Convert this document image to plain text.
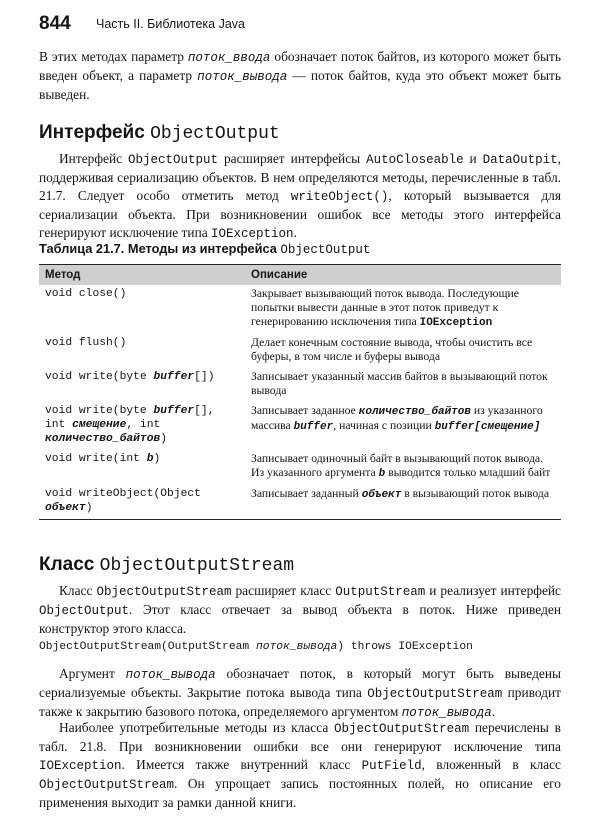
844 Часть II. Библиотека Java

В этих методах параметр поток_ввода обозначает поток байтов, из которого может быть введен объект, а параметр поток_вывода — поток байтов, куда это объект может быть выведен.

Интерфейс ObjectOutput

Интерфейс ObjectOutput расширяет интерфейсы AutoCloseable и DataOutpit, поддерживая сериализацию объектов. В нем определяются методы, перечисленные в табл. 21.7. Следует особо отметить метод writeObject(), который вызывается для сериализации объекта. При возникновении ошибок все методы этого интерфейса генерируют исключение типа IOException.

Таблица 21.7. Методы из интерфейса ObjectOutput

Метод	Описание
void close()	Закрывает вызывающий поток вывода. Последующие попытки вывести данные в этот поток приведут к генерированию исключения типа IOException
void flush()	Делает конечным состояние вывода, чтобы очистить все буферы, в том числе и буферы вывода
void write(byte buffer[])	Записывает указанный массив байтов в вызывающий поток вывода
void write(byte buffer[],
int смещение, int
количество_байтов)	Записывает заданное количество_байтов из указанного массива buffer, начиная с позиции buffer[смещение]
void write(int b)	Записывает одиночный байт в вызывающий поток вывода. Из указанного аргумента b выводится только младший байт
void writeObject(Object
объект)	Записывает заданный объект в вызывающий поток вывода
Класс ObjectOutputStream

Класс ObjectOutputStream расширяет класс OutputStream и реализует интерфейс ObjectOutput. Этот класс отвечает за вывод объекта в поток. Ниже приведен конструктор этого класса.

ObjectOutputStream(OutputStream поток_вывода) throws IOException

Аргумент поток_вывода обозначает поток, в который могут быть выведены сериализуемые объекты. Закрытие потока вывода типа ObjectOutputStream приводит также к закрытию базового потока, определяемого аргументом поток_вывода.

Наиболее употребительные методы из класса ObjectOutputStream перечислены в табл. 21.8. При возникновении ошибки все они генерируют исключение типа IOException. Имеется также внутренний класс PutField, вложенный в класс ObjectOutputStream. Он упрощает запись постоянных полей, но описание его применения выходит за рамки данной книги.
